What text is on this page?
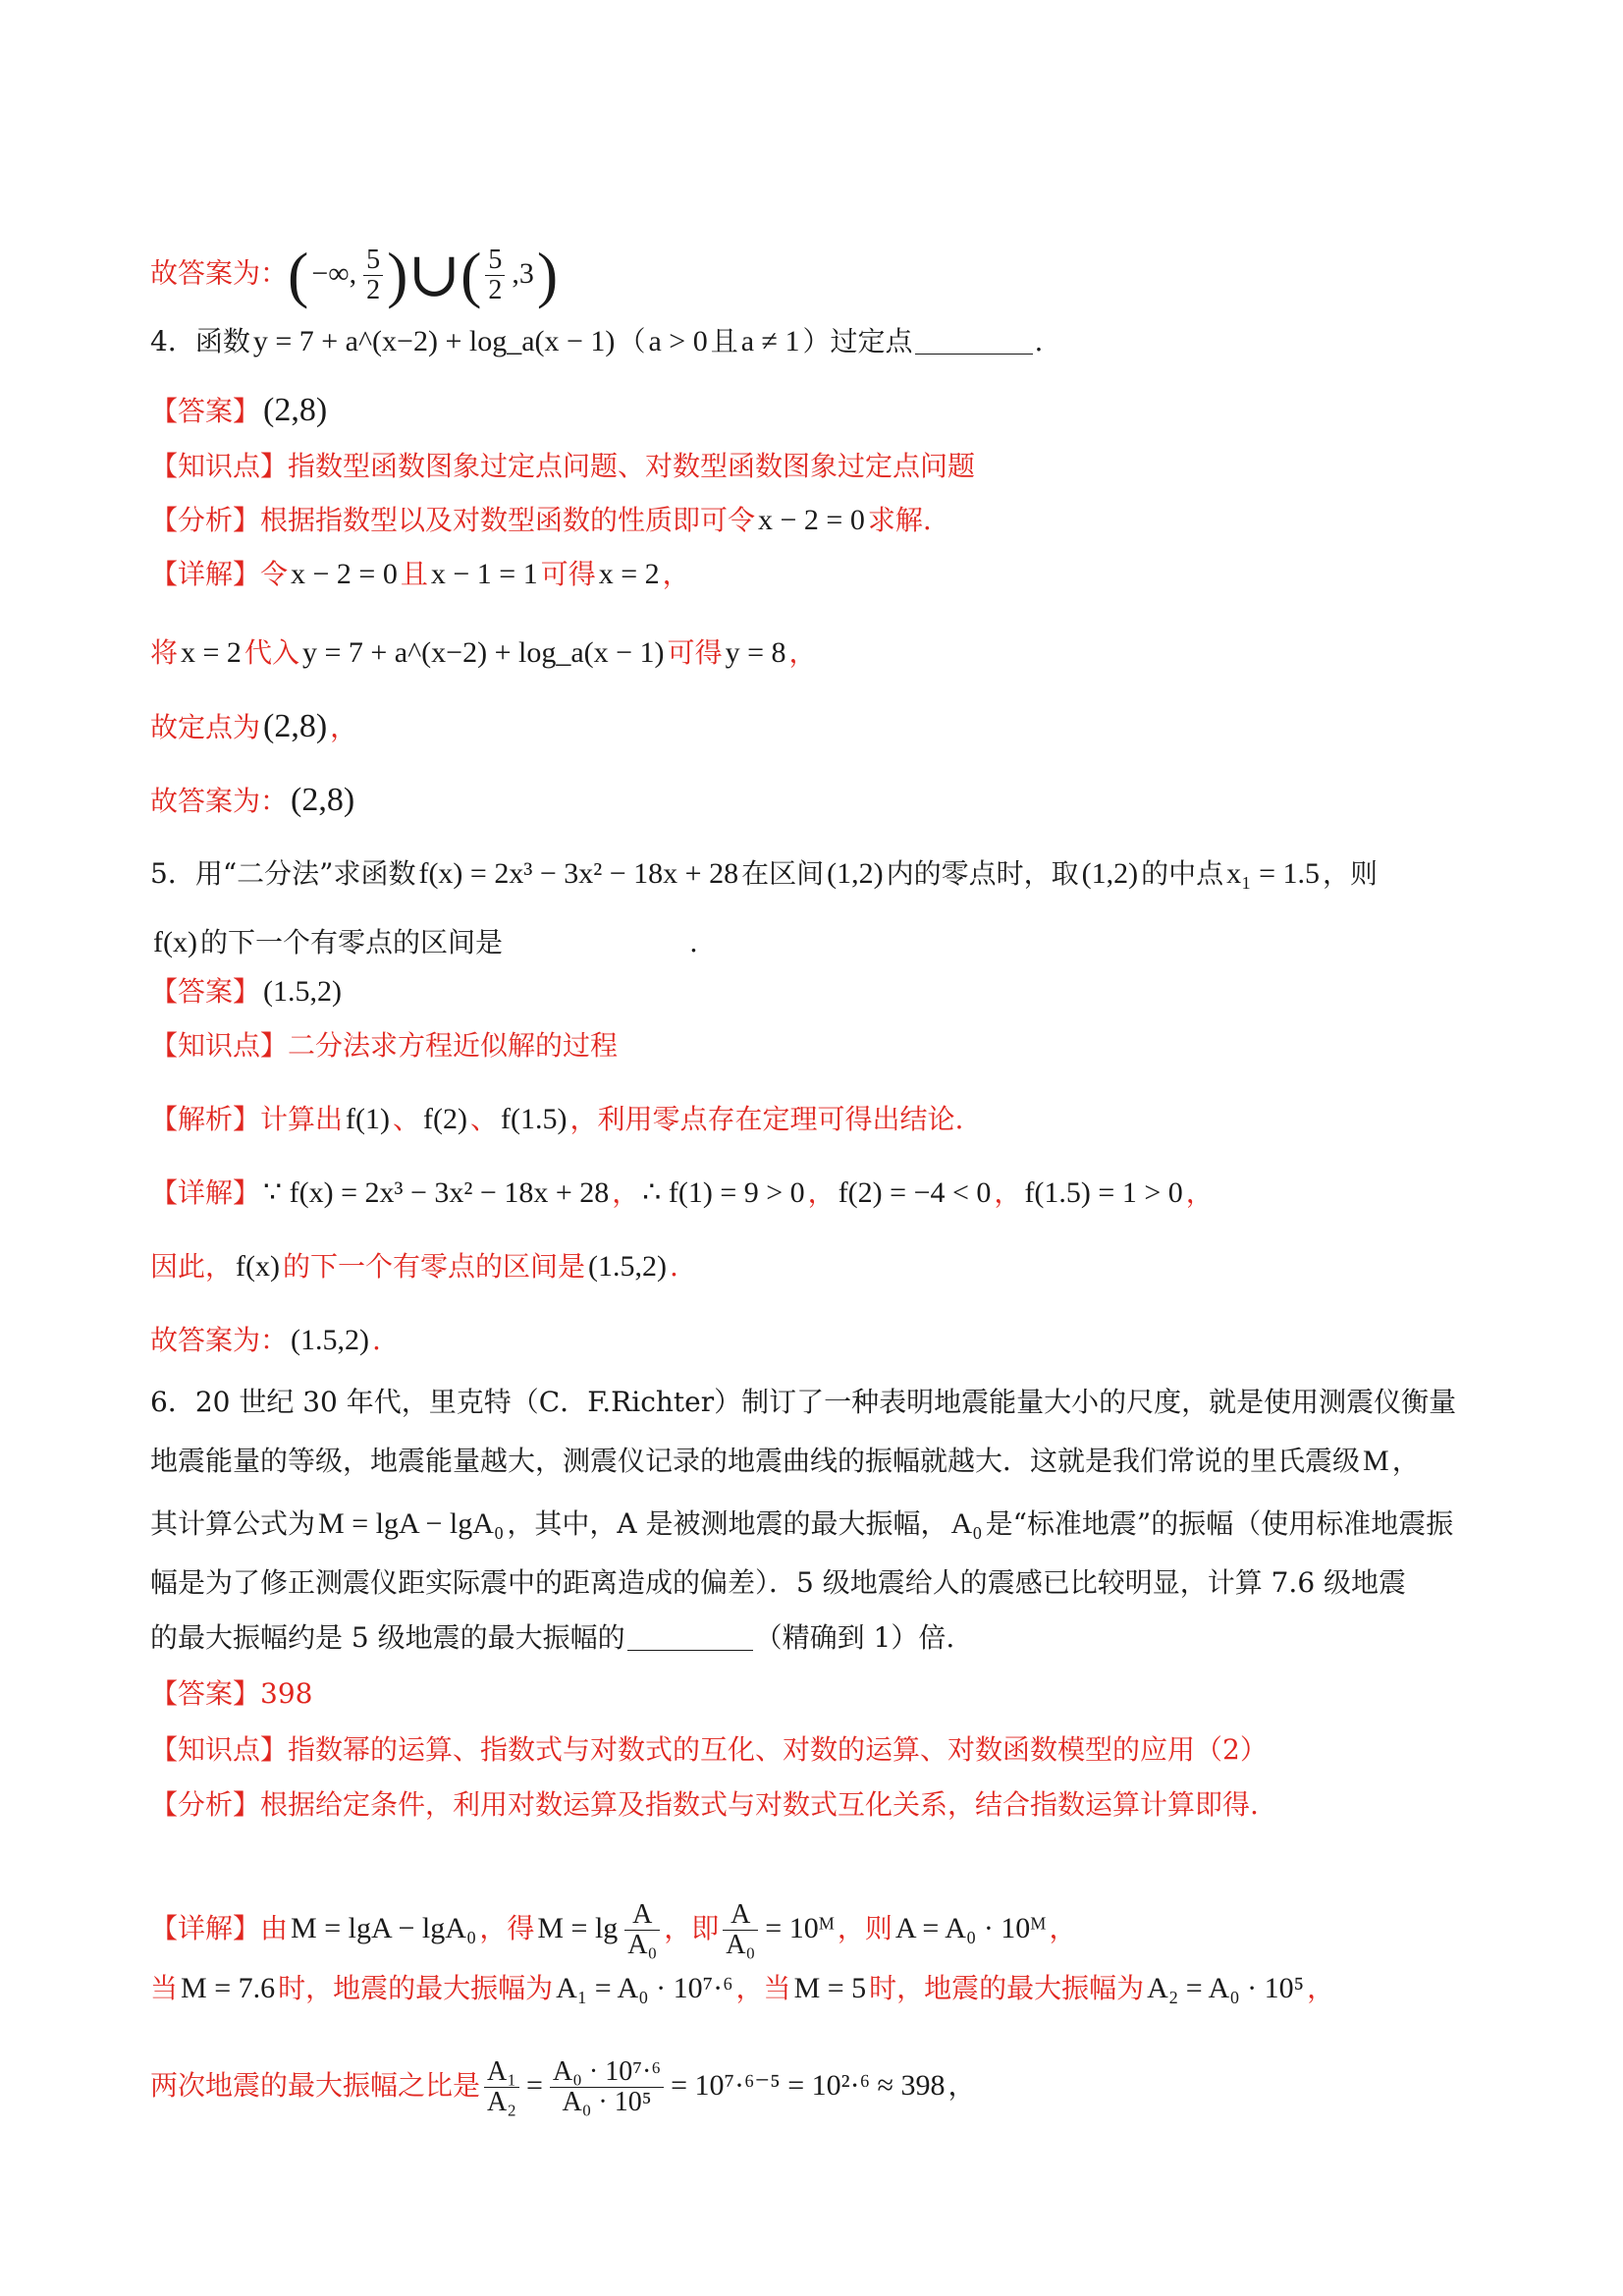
故答案为：( −∞, $\frac{5}{2}$ )∪( $\frac{5}{2} ,3$)
4．函数 y = 7 + a^(x−2) + log_a(x − 1) （ a > 0 且 a ≠ 1 ）过定点	.
【答案】(2,8)
【知识点】指数型函数图象过定点问题、对数型函数图象过定点问题
【分析】根据指数型以及对数型函数的性质即可令 x − 2 = 0 求解.
【详解】令 x − 2 = 0 且 x − 1 = 1 可得 x = 2 ，
将 x = 2 代入 y = 7 + a^(x−2) + log_a(x − 1) 可得 y = 8 ，
故定点为(2,8) ，
故答案为：(2,8)
5．用“二分法”求函数 f(x) = 2x³ − 3x² − 18x + 28 在区间 (1,2) 内的零点时，取 (1,2) 的中点 x₁ = 1.5 ，则
f(x) 的下一个有零点的区间是	.
【答案】 (1.5,2)
【知识点】二分法求方程近似解的过程
【解析】计算出 f(1) 、 f(2) 、 f(1.5) ，利用零点存在定理可得出结论.
【详解】 ∵ f(x) = 2x³ − 3x² − 18x + 28 ， ∴ f(1) = 9 > 0 ， f(2) = −4 < 0 ， f(1.5) = 1 > 0 ，
因此， f(x) 的下一个有零点的区间是 (1.5,2) .
故答案为： (1.5,2) .
6．20 世纪 30 年代，里克特（C．F.Richter）制订了一种表明地震能量大小的尺度，就是使用测震仪衡量
地震能量的等级，地震能量越大，测震仪记录的地震曲线的振幅就越大．这就是我们常说的里氏震级 M ，
其计算公式为 M = lgA − lgA₀ ，其中，A 是被测地震的最大振幅， A₀ 是“标准地震”的振幅（使用标准地震振
幅是为了修正测震仪距实际震中的距离造成的偏差）．5 级地震给人的震感已比较明显，计算 7.6 级地震
的最大振幅约是 5 级地震的最大振幅的	（精确到 1）倍.
【答案】398
【知识点】指数幂的运算、指数式与对数式的互化、对数的运算、对数函数模型的应用（2）
【分析】根据给定条件，利用对数运算及指数式与对数式互化关系，结合指数运算计算即得.
【详解】由 M = lgA − lgA₀ ，得 $M = \lg \frac{A}{\text{A₀}}$ ，即 $\frac{A}{\text{A₀}}$ = 10ᴹ ，则 A = A₀ · 10ᴹ ，
当 M = 7.6 时，地震的最大振幅为 A₁ = A₀ · 10⁷·⁶ ，当 M = 5 时，地震的最大振幅为 A₂ = A₀ · 10⁵ ，
两次地震的最大振幅之比是 $\frac{\text{A₁}}{\text{A₂}} = \frac{\text{A₀ · 10⁷·⁶}}{\text{A₀ · 10⁵}} = 10^7\cdot^{6-5} = 10^2\cdot^6 \approx 398$ ，
